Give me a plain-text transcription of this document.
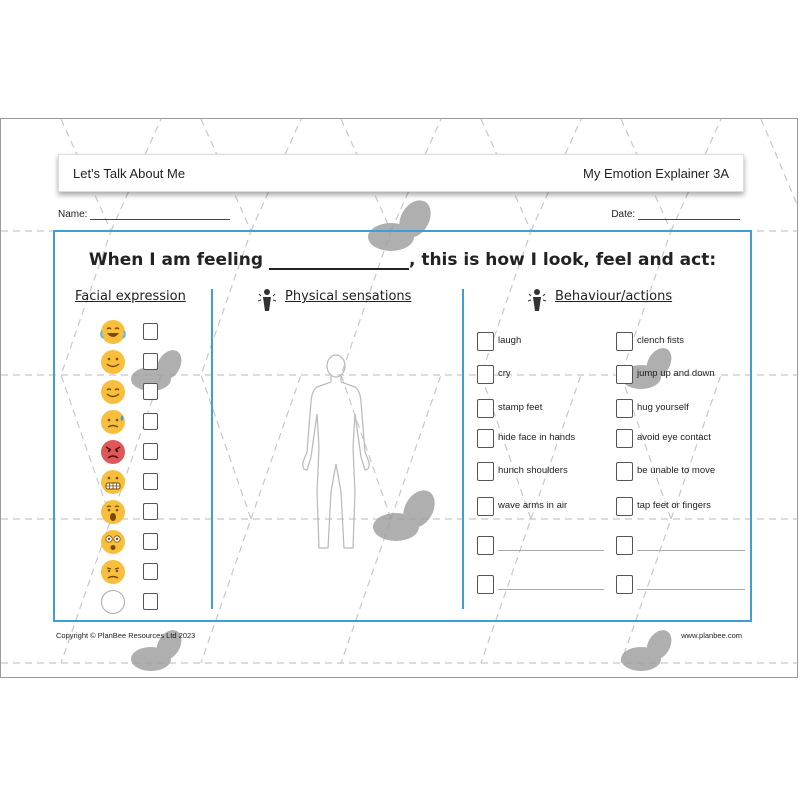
Let's Talk About Me	My Emotion Explainer 3A
Name:	Date:
When I am feeling	, this is how I look, feel and act:
Facial expression	Physical sensations	Behaviour/actions
laugh
cry
stamp feet
hide face in hands
hunch shoulders
wave arms in air
clench fists
jump up and down
hug yourself
avoid eye contact
be unable to move
tap feet or fingers
Copyright © PlanBee Resources Ltd 2023	www.planbee.com
